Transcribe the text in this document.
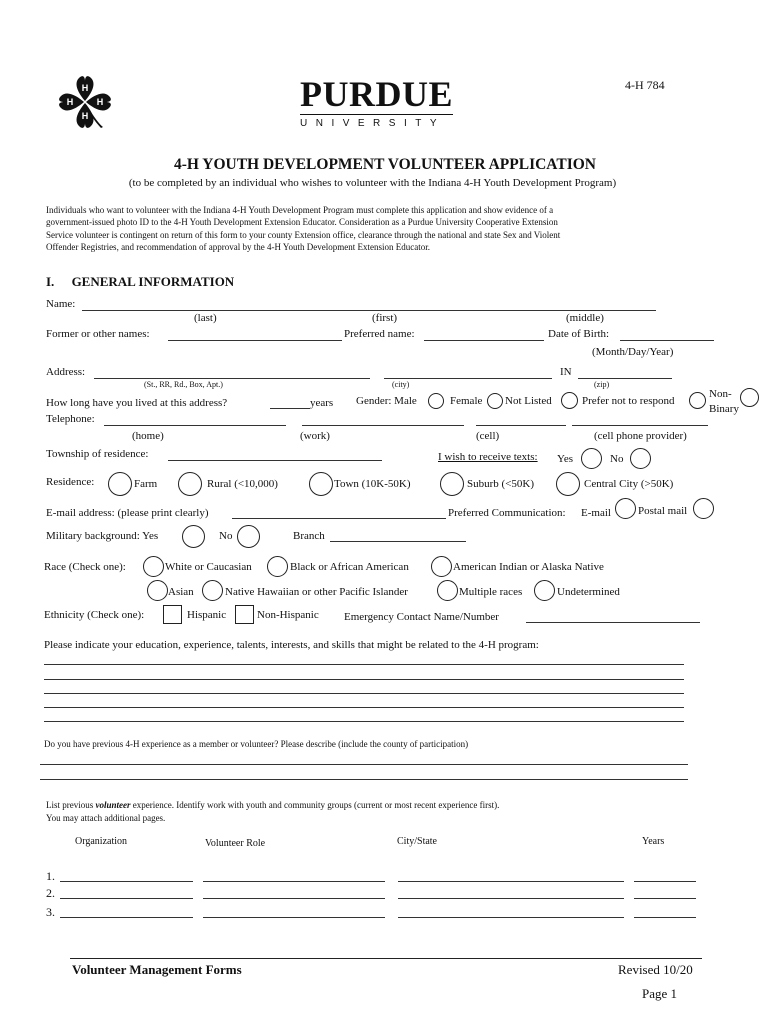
H
H
H	H	PURDUE
UNIVERSITY
4-H 784
4-H YOUTH DEVELOPMENT VOLUNTEER APPLICATION
(to be completed by an individual who wishes to volunteer with the Indiana 4-H Youth Development Program)
Individuals who want to volunteer with the Indiana 4-H Youth Development Program must complete this application and show evidence of a
government-issued photo ID to the 4-H Youth Development Extension Educator. Consideration as a Purdue University Cooperative Extension
Service volunteer is contingent on return of this form to your county Extension office, clearance through the national and state Sex and Violent
Offender Registries, and recommendation of approval by the 4-H Youth Development Extension Educator.
I. GENERAL INFORMATION
Name:
(last)	(first)	(middle)
Former or other names:	Preferred name:	Date of Birth:
(Month/Day/Year)
Address:	IN
(St., RR, Rd., Box, Apt.)	(city)	(zip)
How long have you lived at this address?	years Gender: Male	Female Not Listed	Prefer not to respond
Non-
Binary
Telephone:
(home)	(work)	(cell)	(cell phone provider)
Township of residence:	I wish to receive texts: Yes	No
Residence:	Farm	Rural (<10,000)	Town (10K-50K)	Suburb (<50K)	Central City (>50K)
E-mail address: (please print clearly)	Preferred Communication: E-mail Postal mail
Military background: Yes	No	Branch
Race (Check one):	White or Caucasian	Black or African American	American Indian or Alaska Native
Asian	Native Hawaiian or other Pacific Islander	Multiple races	Undetermined
Ethnicity (Check one):	Hispanic	Non-Hispanic Emergency Contact Name/Number
Please indicate your education, experience, talents, interests, and skills that might be related to the 4-H program:
Do you have previous 4-H experience as a member or volunteer? Please describe (include the county of participation)
List previous volunteer experience. Identify work with youth and community groups (current or most recent experience first).
You may attach additional pages.
Organization	Volunteer Role	City/State	Years
1.
2.
3.
Volunteer Management Forms	Revised 10/20
Page 1
